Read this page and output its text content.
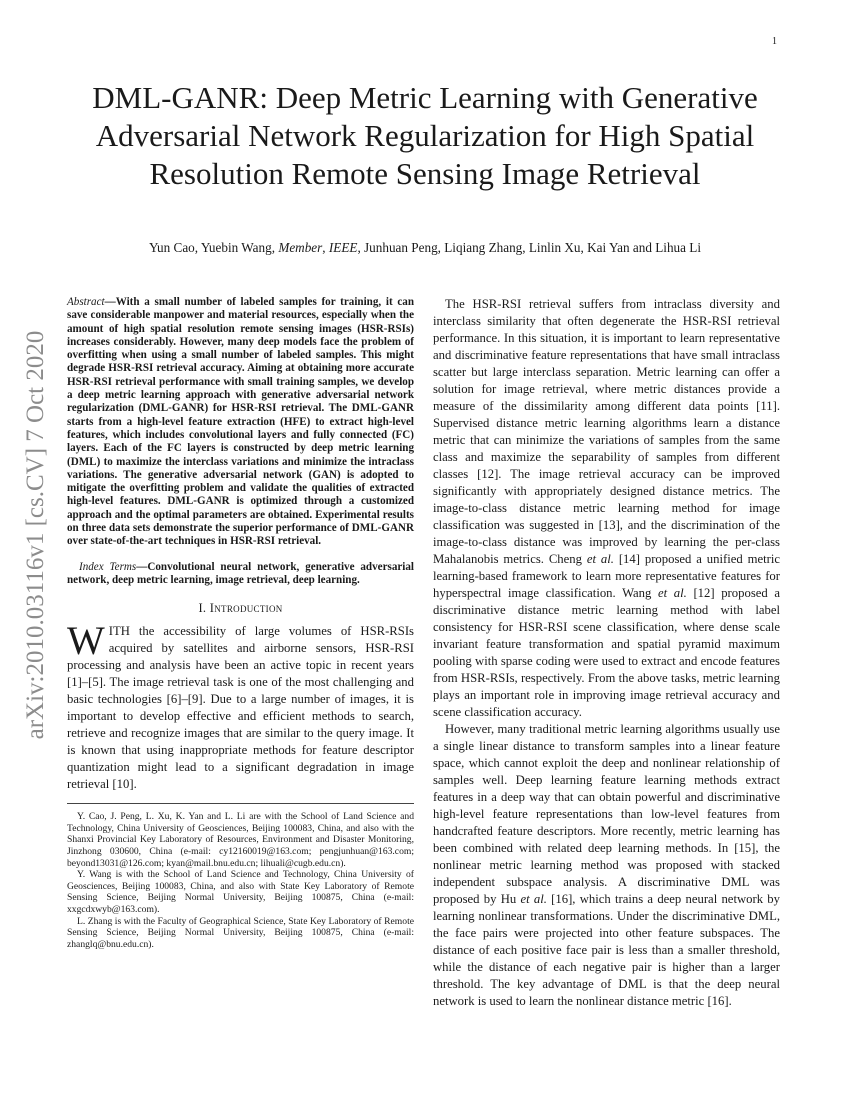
1
DML-GANR: Deep Metric Learning with Generative Adversarial Network Regularization for High Spatial Resolution Remote Sensing Image Retrieval
Yun Cao, Yuebin Wang, Member, IEEE, Junhuan Peng, Liqiang Zhang, Linlin Xu, Kai Yan and Lihua Li
arXiv:2010.03116v1 [cs.CV] 7 Oct 2020

Abstract—With a small number of labeled samples for training, it can save considerable manpower and material resources, especially when the amount of high spatial resolution remote sensing images (HSR-RSIs) increases considerably. However, many deep models face the problem of overfitting when using a small number of labeled samples. This might degrade HSR-RSI retrieval accuracy. Aiming at obtaining more accurate HSR-RSI retrieval performance with small training samples, we develop a deep metric learning approach with generative adversarial network regularization (DML-GANR) for HSR-RSI retrieval. The DML-GANR starts from a high-level feature extraction (HFE) to extract high-level features, which includes convolutional layers and fully connected (FC) layers. Each of the FC layers is constructed by deep metric learning (DML) to maximize the interclass variations and minimize the intraclass variations. The generative adversarial network (GAN) is adopted to mitigate the overfitting problem and validate the qualities of extracted high-level features. DML-GANR is optimized through a customized approach and the optimal parameters are obtained. Experimental results on three data sets demonstrate the superior performance of DML-GANR over state-of-the-art techniques in HSR-RSI retrieval.

Index Terms—Convolutional neural network, generative adversarial network, deep metric learning, image retrieval, deep learning.

I. Introduction

WITH the accessibility of large volumes of HSR-RSIs acquired by satellites and airborne sensors, HSR-RSI processing and analysis have been an active topic in recent years [1]–[5]. The image retrieval task is one of the most challenging and basic technologies [6]–[9]. Due to a large number of images, it is important to develop effective and efficient methods to search, retrieve and recognize images that are similar to the query image. It is known that using inappropriate methods for feature descriptor quantization might lead to a significant degradation in image retrieval [10].

Y. Cao, J. Peng, L. Xu, K. Yan and L. Li are with the School of Land Science and Technology, China University of Geosciences, Beijing 100083, China, and also with the Shanxi Provincial Key Laboratory of Resources, Environment and Disaster Monitoring, Jinzhong 030600, China (e-mail: cy12160019@163.com; pengjunhuan@163.com; beyond13031@126.com; kyan@mail.bnu.edu.cn; lihuali@cugb.edu.cn).

Y. Wang is with the School of Land Science and Technology, China University of Geosciences, Beijing 100083, China, and also with State Key Laboratory of Remote Sensing Science, Beijing Normal University, Beijing 100875, China (e-mail: xxgcdxwyb@163.com).

L. Zhang is with the Faculty of Geographical Science, State Key Laboratory of Remote Sensing Science, Beijing Normal University, Beijing 100875, China (e-mail: zhanglq@bnu.edu.cn).

The HSR-RSI retrieval suffers from intraclass diversity and interclass similarity that often degenerate the HSR-RSI retrieval performance. In this situation, it is important to learn representative and discriminative feature representations that have small intraclass scatter but large interclass separation. Metric learning can offer a solution for image retrieval, where metric distances provide a measure of the dissimilarity among different data points [11]. Supervised distance metric learning algorithms learn a distance metric that can minimize the variations of samples from the same class and maximize the separability of samples from different classes [12]. The image retrieval accuracy can be improved significantly with appropriately designed distance metrics. The image-to-class distance metric learning method for image classification was suggested in [13], and the discrimination of the image-to-class distance was improved by learning the per-class Mahalanobis metrics. Cheng et al. [14] proposed a unified metric learning-based framework to learn more representative features for hyperspectral image classification. Wang et al. [12] proposed a discriminative distance metric learning method with label consistency for HSR-RSI scene classification, where dense scale invariant feature transformation and spatial pyramid maximum pooling with sparse coding were used to extract and encode features from HSR-RSIs, respectively. From the above tasks, metric learning plays an important role in improving image retrieval accuracy and scene classification accuracy.

However, many traditional metric learning algorithms usually use a single linear distance to transform samples into a linear feature space, which cannot exploit the deep and nonlinear relationship of samples well. Deep learning feature learning methods extract features in a deep way that can obtain powerful and discriminative high-level feature representations than low-level features from handcrafted feature descriptors. More recently, metric learning has been combined with related deep learning methods. In [15], the nonlinear metric learning method was proposed with stacked independent subspace analysis. A discriminative DML was proposed by Hu et al. [16], which trains a deep neural network by learning nonlinear transformations. Under the discriminative DML, the face pairs were projected into other feature subspaces. The distance of each positive face pair is less than a smaller threshold, while the distance of each negative pair is higher than a larger threshold. The key advantage of DML is that the deep neural network is used to learn the nonlinear distance metric [16].
